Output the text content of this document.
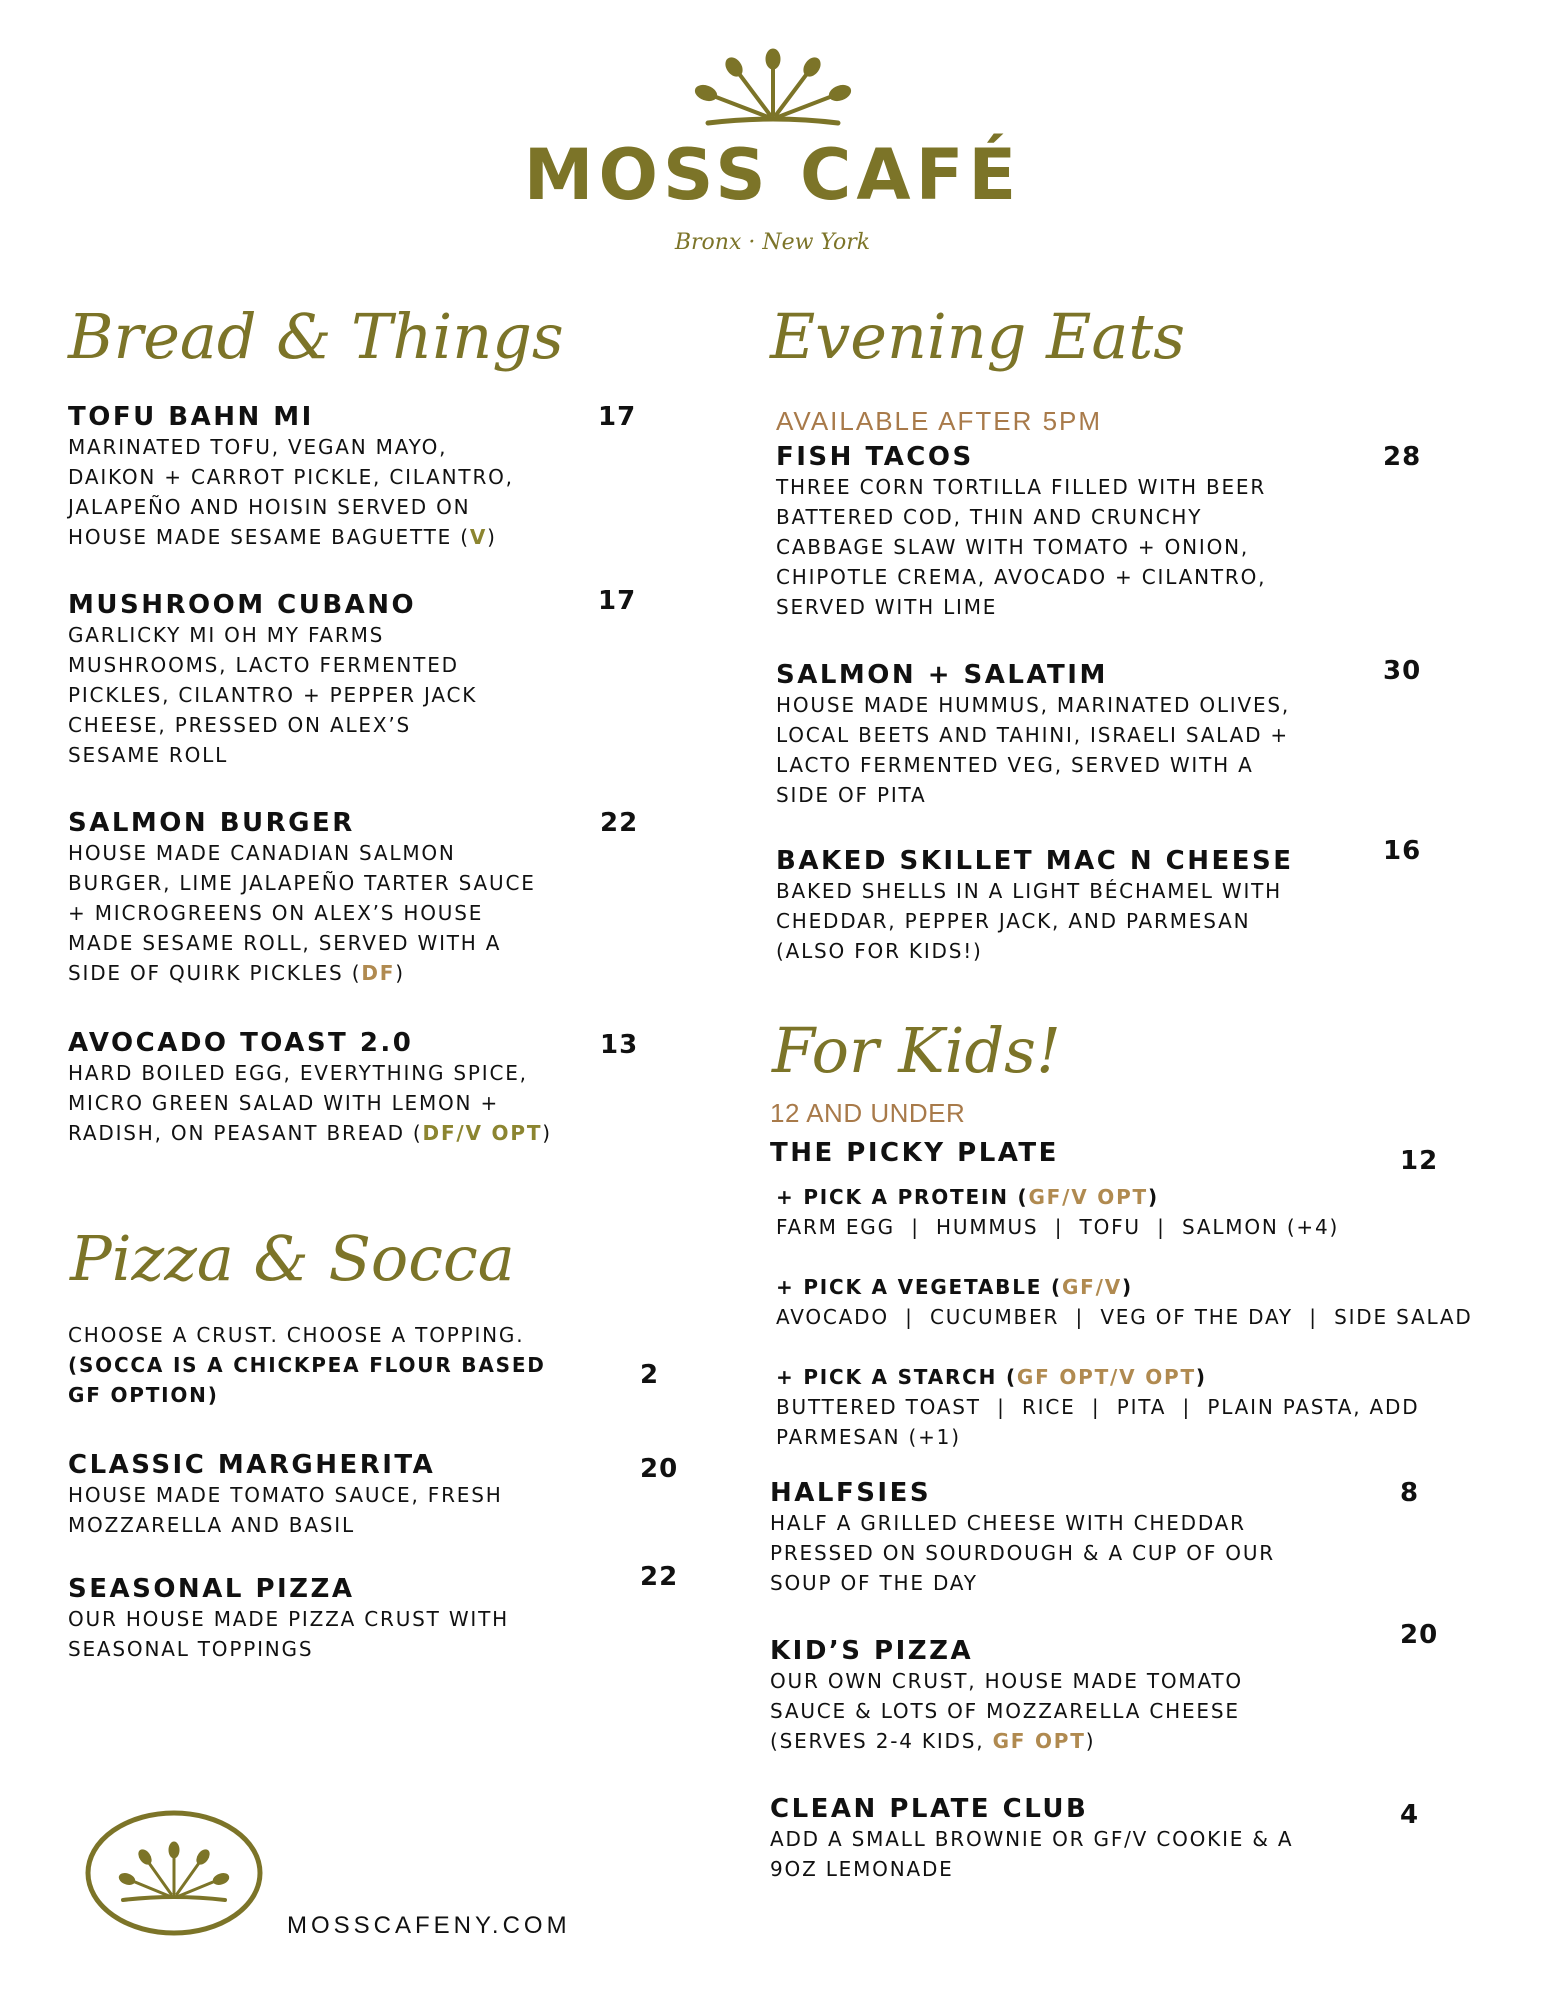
MOSS CAFÉ
Bronx · New York
Bread & Things
TOFU BAHN MI
MARINATED TOFU, VEGAN MAYO,
DAIKON + CARROT PICKLE, CILANTRO,
JALAPEÑO AND HOISIN SERVED ON
HOUSE MADE SESAME BAGUETTE (V)
17
MUSHROOM CUBANO
GARLICKY MI OH MY FARMS
MUSHROOMS, LACTO FERMENTED
PICKLES, CILANTRO + PEPPER JACK
CHEESE, PRESSED ON ALEX’S
SESAME ROLL
17
SALMON BURGER
HOUSE MADE CANADIAN SALMON
BURGER, LIME JALAPEÑO TARTER SAUCE
+ MICROGREENS ON ALEX’S HOUSE
MADE SESAME ROLL, SERVED WITH A
SIDE OF QUIRK PICKLES (DF)
22
AVOCADO TOAST 2.0
HARD BOILED EGG, EVERYTHING SPICE,
MICRO GREEN SALAD WITH LEMON +
RADISH, ON PEASANT BREAD (DF/V OPT)
13
Pizza & Socca
CHOOSE A CRUST. CHOOSE A TOPPING.
(SOCCA IS A CHICKPEA FLOUR BASED
GF OPTION)
2
CLASSIC MARGHERITA
HOUSE MADE TOMATO SAUCE, FRESH
MOZZARELLA AND BASIL
20
SEASONAL PIZZA
OUR HOUSE MADE PIZZA CRUST WITH
SEASONAL TOPPINGS
22
Evening Eats
AVAILABLE AFTER 5PM
FISH TACOS
THREE CORN TORTILLA FILLED WITH BEER
BATTERED COD, THIN AND CRUNCHY
CABBAGE SLAW WITH TOMATO + ONION,
CHIPOTLE CREMA, AVOCADO + CILANTRO,
SERVED WITH LIME
28
SALMON + SALATIM
HOUSE MADE HUMMUS, MARINATED OLIVES,
LOCAL BEETS AND TAHINI, ISRAELI SALAD +
LACTO FERMENTED VEG, SERVED WITH A
SIDE OF PITA
30
BAKED SKILLET MAC N CHEESE
BAKED SHELLS IN A LIGHT BÉCHAMEL WITH
CHEDDAR, PEPPER JACK, AND PARMESAN
(ALSO FOR KIDS!)
16
For Kids!
12 AND UNDER
THE PICKY PLATE	12
+ PICK A PROTEIN (GF/V OPT)
FARM EGG  |  HUMMUS  |  TOFU  |  SALMON (+4)
+ PICK A VEGETABLE (GF/V)
AVOCADO  |  CUCUMBER  |  VEG OF THE DAY  |  SIDE SALAD
+ PICK A STARCH (GF OPT/V OPT)
BUTTERED TOAST  |  RICE  |  PITA  |  PLAIN PASTA, ADD
PARMESAN (+1)
HALFSIES
HALF A GRILLED CHEESE WITH CHEDDAR
PRESSED ON SOURDOUGH & A CUP OF OUR
SOUP OF THE DAY
8
KID’S PIZZA
OUR OWN CRUST, HOUSE MADE TOMATO
SAUCE & LOTS OF MOZZARELLA CHEESE
(SERVES 2-4 KIDS, GF OPT)
20
CLEAN PLATE CLUB
ADD A SMALL BROWNIE OR GF/V COOKIE & A
9OZ LEMONADE
4
MOSSCAFENY.COM
